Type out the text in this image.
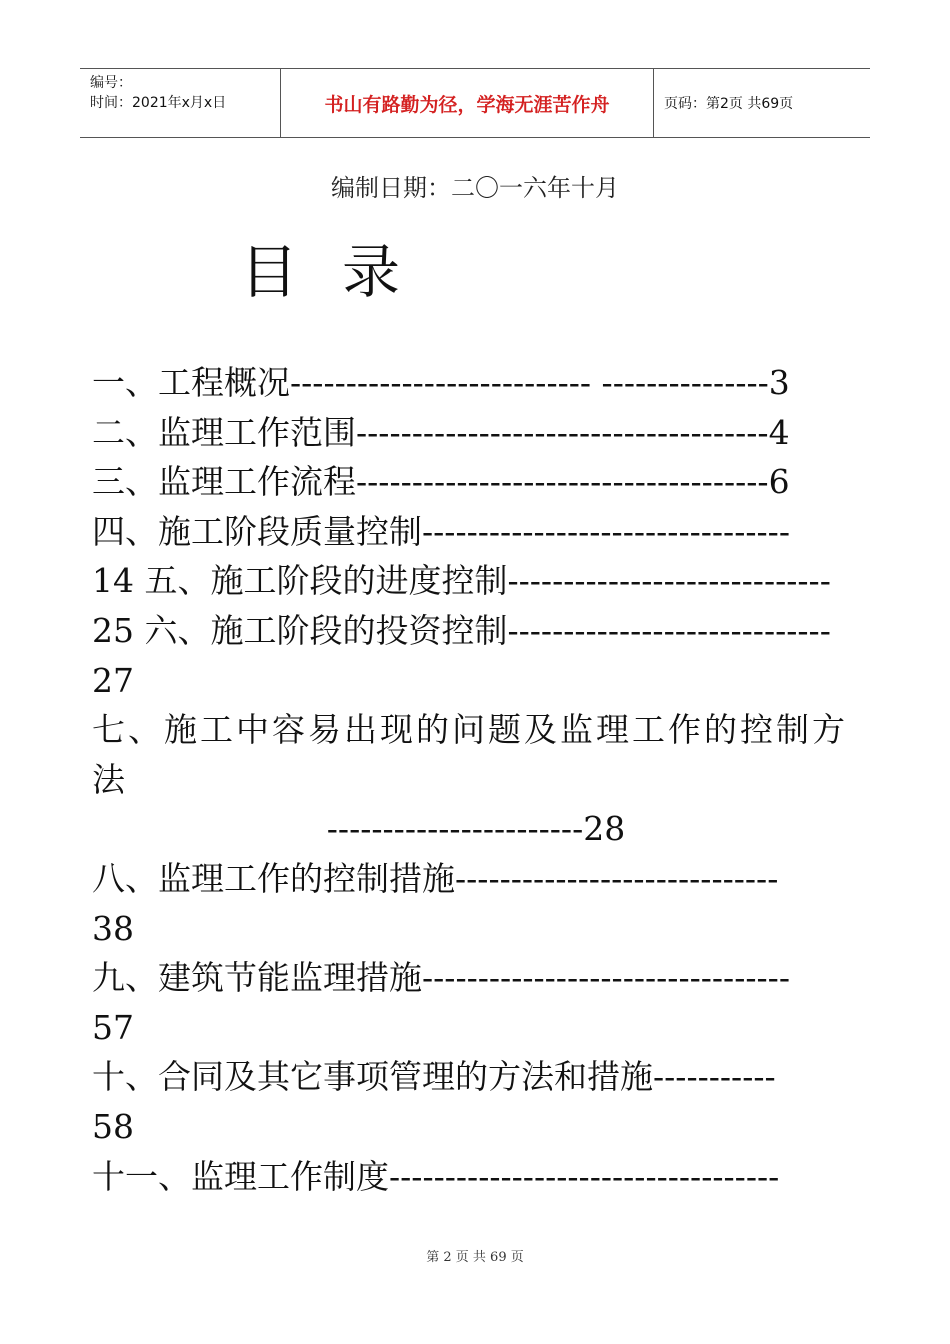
编号：
时间：2021年x月x日	书山有路勤为径，学海无涯苦作舟	页码：第2页 共69页
编制日期：二〇一六年十月
目录
一、工程概况--------------------------- ---------------3
二、监理工作范围-------------------------------------4
三、监理工作流程-------------------------------------6
四、施工阶段质量控制---------------------------------
14 五、施工阶段的进度控制-----------------------------
25 六、施工阶段的投资控制-----------------------------
27
七、施工中容易出现的问题及监理工作的控制方
法
-----------------------28
八、监理工作的控制措施-----------------------------
38
九、建筑节能监理措施---------------------------------
57
十、合同及其它事项管理的方法和措施-----------
58
十一、监理工作制度-----------------------------------
第 2 页 共 69 页
